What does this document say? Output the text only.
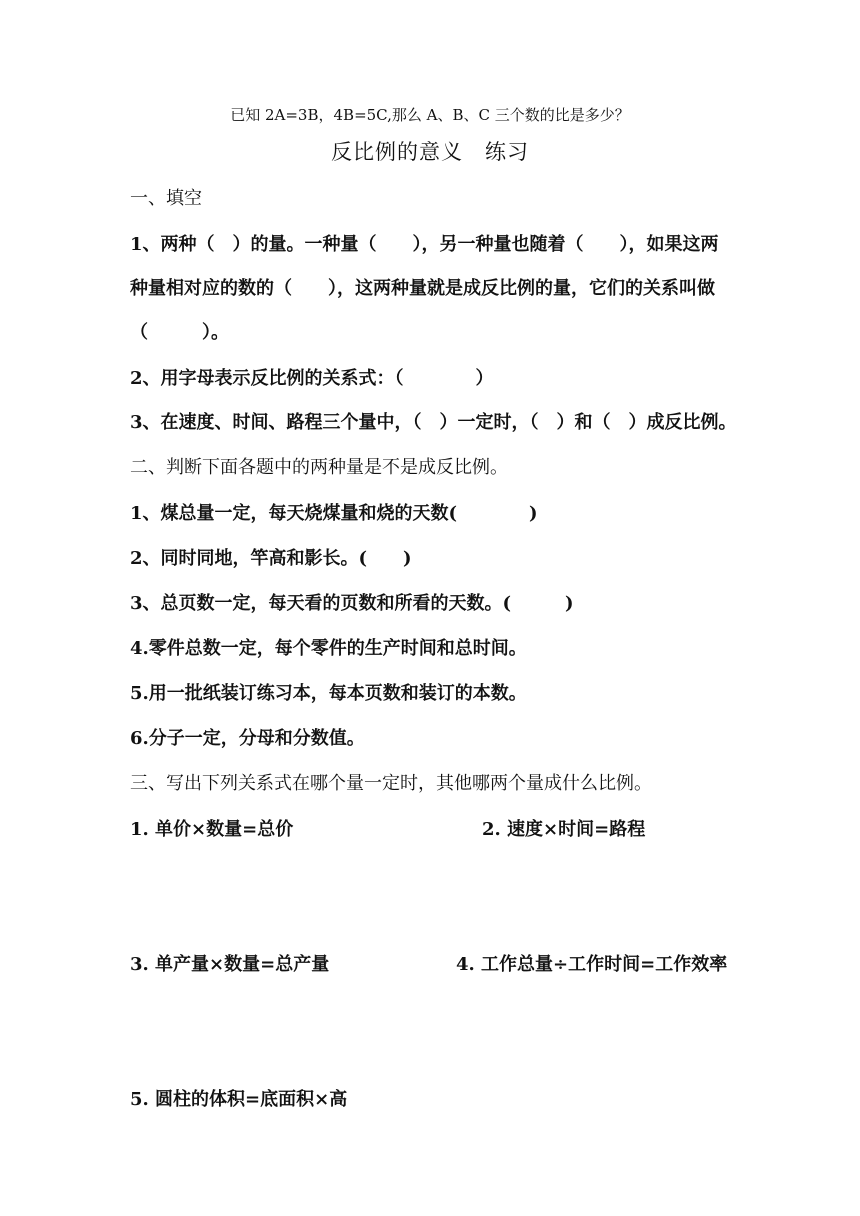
已知 2A=3B，4B=5C,那么 A、B、C 三个数的比是多少？
反比例的意义　练习
一、填空
1、两种（　）的量。一种量（　　），另一种量也随着（　　），如果这两
种量相对应的数的（　　），这两种量就是成反比例的量，它们的关系叫做
（　　　）。
2、用字母表示反比例的关系式：（　　　　）
3、在速度、时间、路程三个量中，（　）一定时，（　）和（　）成反比例。
二、判断下面各题中的两种量是不是成反比例。
1、煤总量一定，每天烧煤量和烧的天数(　　　　)
2、同时同地，竿高和影长。(　　)
3、总页数一定，每天看的页数和所看的天数。(　　　)
4.零件总数一定，每个零件的生产时间和总时间。
5.用一批纸装订练习本，每本页数和装订的本数。
6.分子一定，分母和分数值。
三、写出下列关系式在哪个量一定时，其他哪两个量成什么比例。
1. 单价×数量=总价	2. 速度×时间=路程
3. 单产量×数量=总产量	4. 工作总量÷工作时间=工作效率
5. 圆柱的体积=底面积×高
